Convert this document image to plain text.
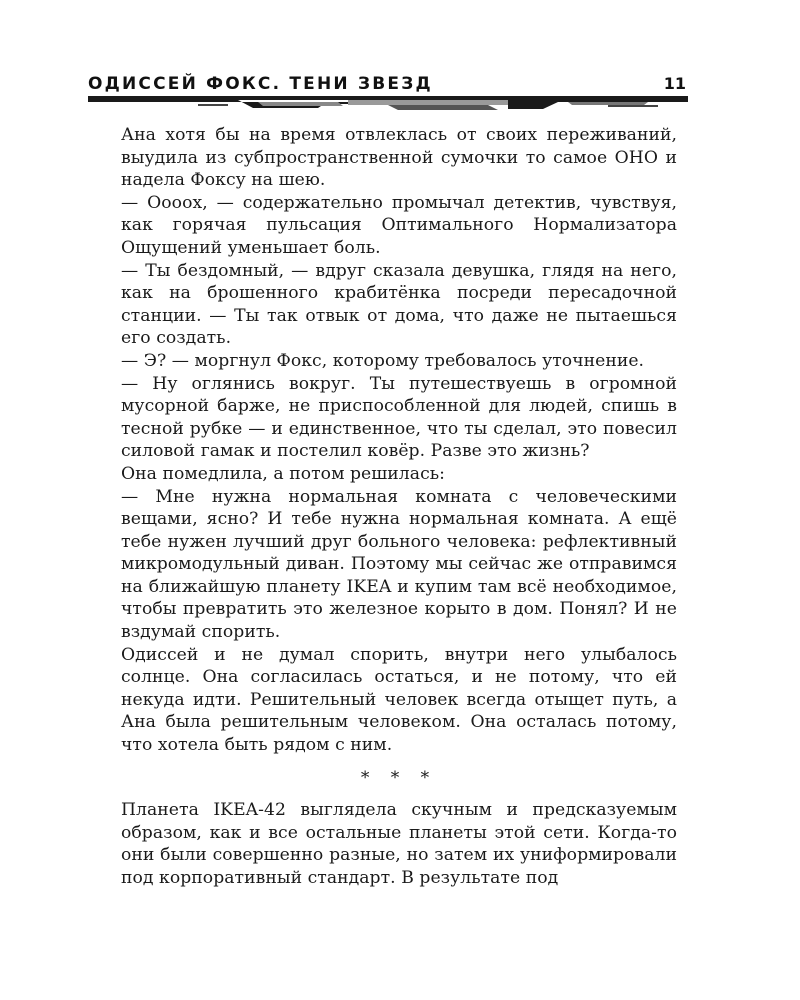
ОДИССЕЙ ФОКС. ТЕНИ ЗВЕЗД	11

Ана хотя бы на время отвлеклась от своих переживаний, выудила из субпространственной сумочки то самое ОНО и надела Фоксу на шею.

— Оооох, — содержательно промычал детектив, чувствуя, как горячая пульсация Оптимального Нормализатора Ощущений уменьшает боль.

— Ты бездомный, — вдруг сказала девушка, глядя на него, как на брошенного крабитёнка посреди пересадочной станции. — Ты так отвык от дома, что даже не пытаешься его создать.

— Э? — моргнул Фокс, которому требовалось уточнение.

— Ну оглянись вокруг. Ты путешествуешь в огромной мусорной барже, не приспособленной для людей, спишь в тесной рубке — и единственное, что ты сделал, это повесил силовой гамак и постелил ковёр. Разве это жизнь?

Она помедлила, а потом решилась:

— Мне нужна нормальная комната с человеческими вещами, ясно? И тебе нужна нормальная комната. А ещё тебе нужен лучший друг больного человека: рефлективный микромодульный диван. Поэтому мы сейчас же отправимся на ближайшую планету IKEA и купим там всё необходимое, чтобы превратить это железное корыто в дом. Понял? И не вздумай спорить.

Одиссей и не думал спорить, внутри него улыбалось солнце. Она согласилась остаться, и не потому, что ей некуда идти. Решительный человек всегда отыщет путь, а Ана была решительным человеком. Она осталась потому, что хотела быть рядом с ним.

* * *

Планета IKEA-42 выглядела скучным и предсказуемым образом, как и все остальные планеты этой сети. Когда-то они были совершенно разные, но затем их униформировали под корпоративный стандарт. В результате под
